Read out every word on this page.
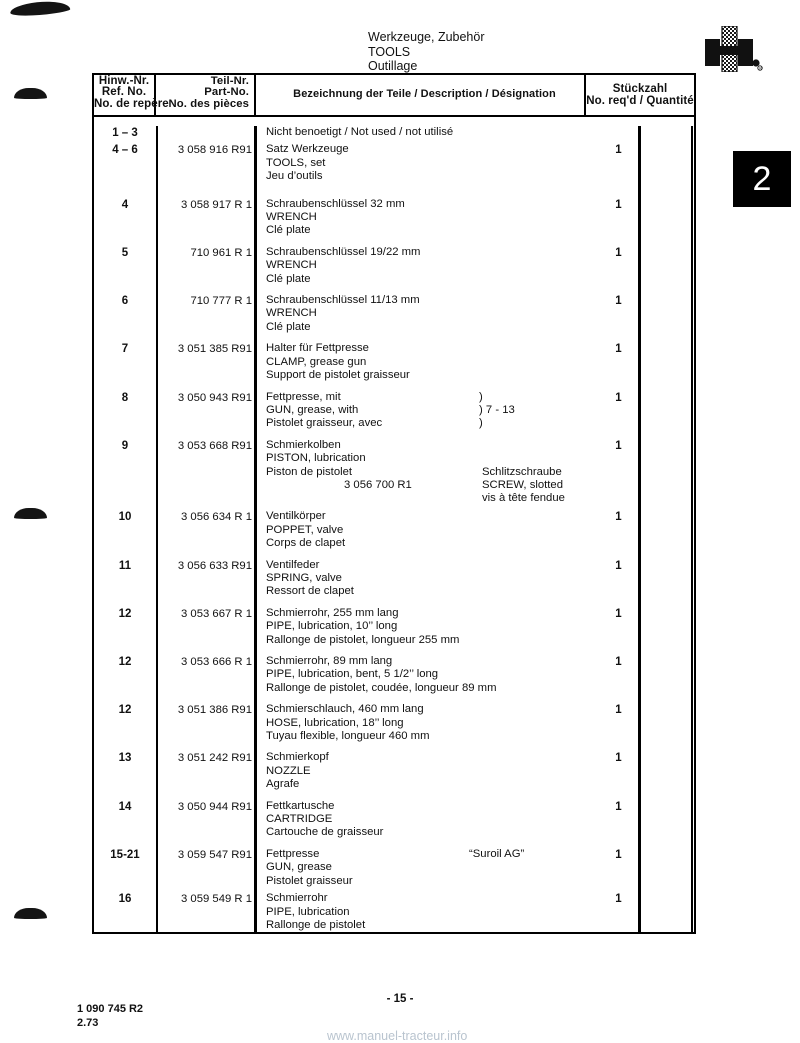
Werkzeuge, Zubehör
TOOLS
Outillage	R
2
Hinw.-Nr.
Ref. No.
No. de repère
Teil-Nr.
Part-No.
No. des pièces
Bezeichnung der Teile / Description / Désignation	Stückzahl
No. req'd / Quantité
1 – 3	Nicht benoetigt / Not used / not utilisé
4 – 6	3 058 916 R91	Satz Werkzeuge
TOOLS, set
Jeu d’outils
1
4	3 058 917 R 1	Schraubenschlüssel 32 mm
WRENCH
Clé plate
1
5	710 961 R 1	Schraubenschlüssel 19/22 mm
WRENCH
Clé plate
1
6	710 777 R 1	Schraubenschlüssel 11/13 mm
WRENCH
Clé plate
1
7	3 051 385 R91	Halter für Fettpresse
CLAMP, grease gun
Support de pistolet graisseur
1
8	3 050 943 R91	Fettpresse, mit
GUN, grease, with
Pistolet graisseur, avec
)
) 7 - 13
)
1
9	3 053 668 R91	Schmierkolben
PISTON, lubrication
Piston de pistolet
3 056 700 R1
Schlitzschraube
SCREW, slotted
vis à tête fendue
1
10	3 056 634 R 1	Ventilkörper
POPPET, valve
Corps de clapet
1
11	3 056 633 R91	Ventilfeder
SPRING, valve
Ressort de clapet
1
12	3 053 667 R 1	Schmierrohr, 255 mm lang
PIPE, lubrication, 10’’ long
Rallonge de pistolet, longueur 255 mm
1
12	3 053 666 R 1	Schmierrohr, 89 mm lang
PIPE, lubrication, bent, 5 1/2’’ long
Rallonge de pistolet, coudée, longueur 89 mm
1
12	3 051 386 R91	Schmierschlauch, 460 mm lang
HOSE, lubrication, 18’’ long
Tuyau flexible, longueur 460 mm
1
13	3 051 242 R91	Schmierkopf
NOZZLE
Agrafe
1
14	3 050 944 R91	Fettkartusche
CARTRIDGE
Cartouche de graisseur
1
15-21	3 059 547 R91	Fettpresse
GUN, grease
Pistolet graisseur
“Suroil AG”	1
16	3 059 549 R 1	Schmierrohr
PIPE, lubrication
Rallonge de pistolet
1
- 15 -
1 090 745 R2
2.73
www.manuel-tracteur.info
